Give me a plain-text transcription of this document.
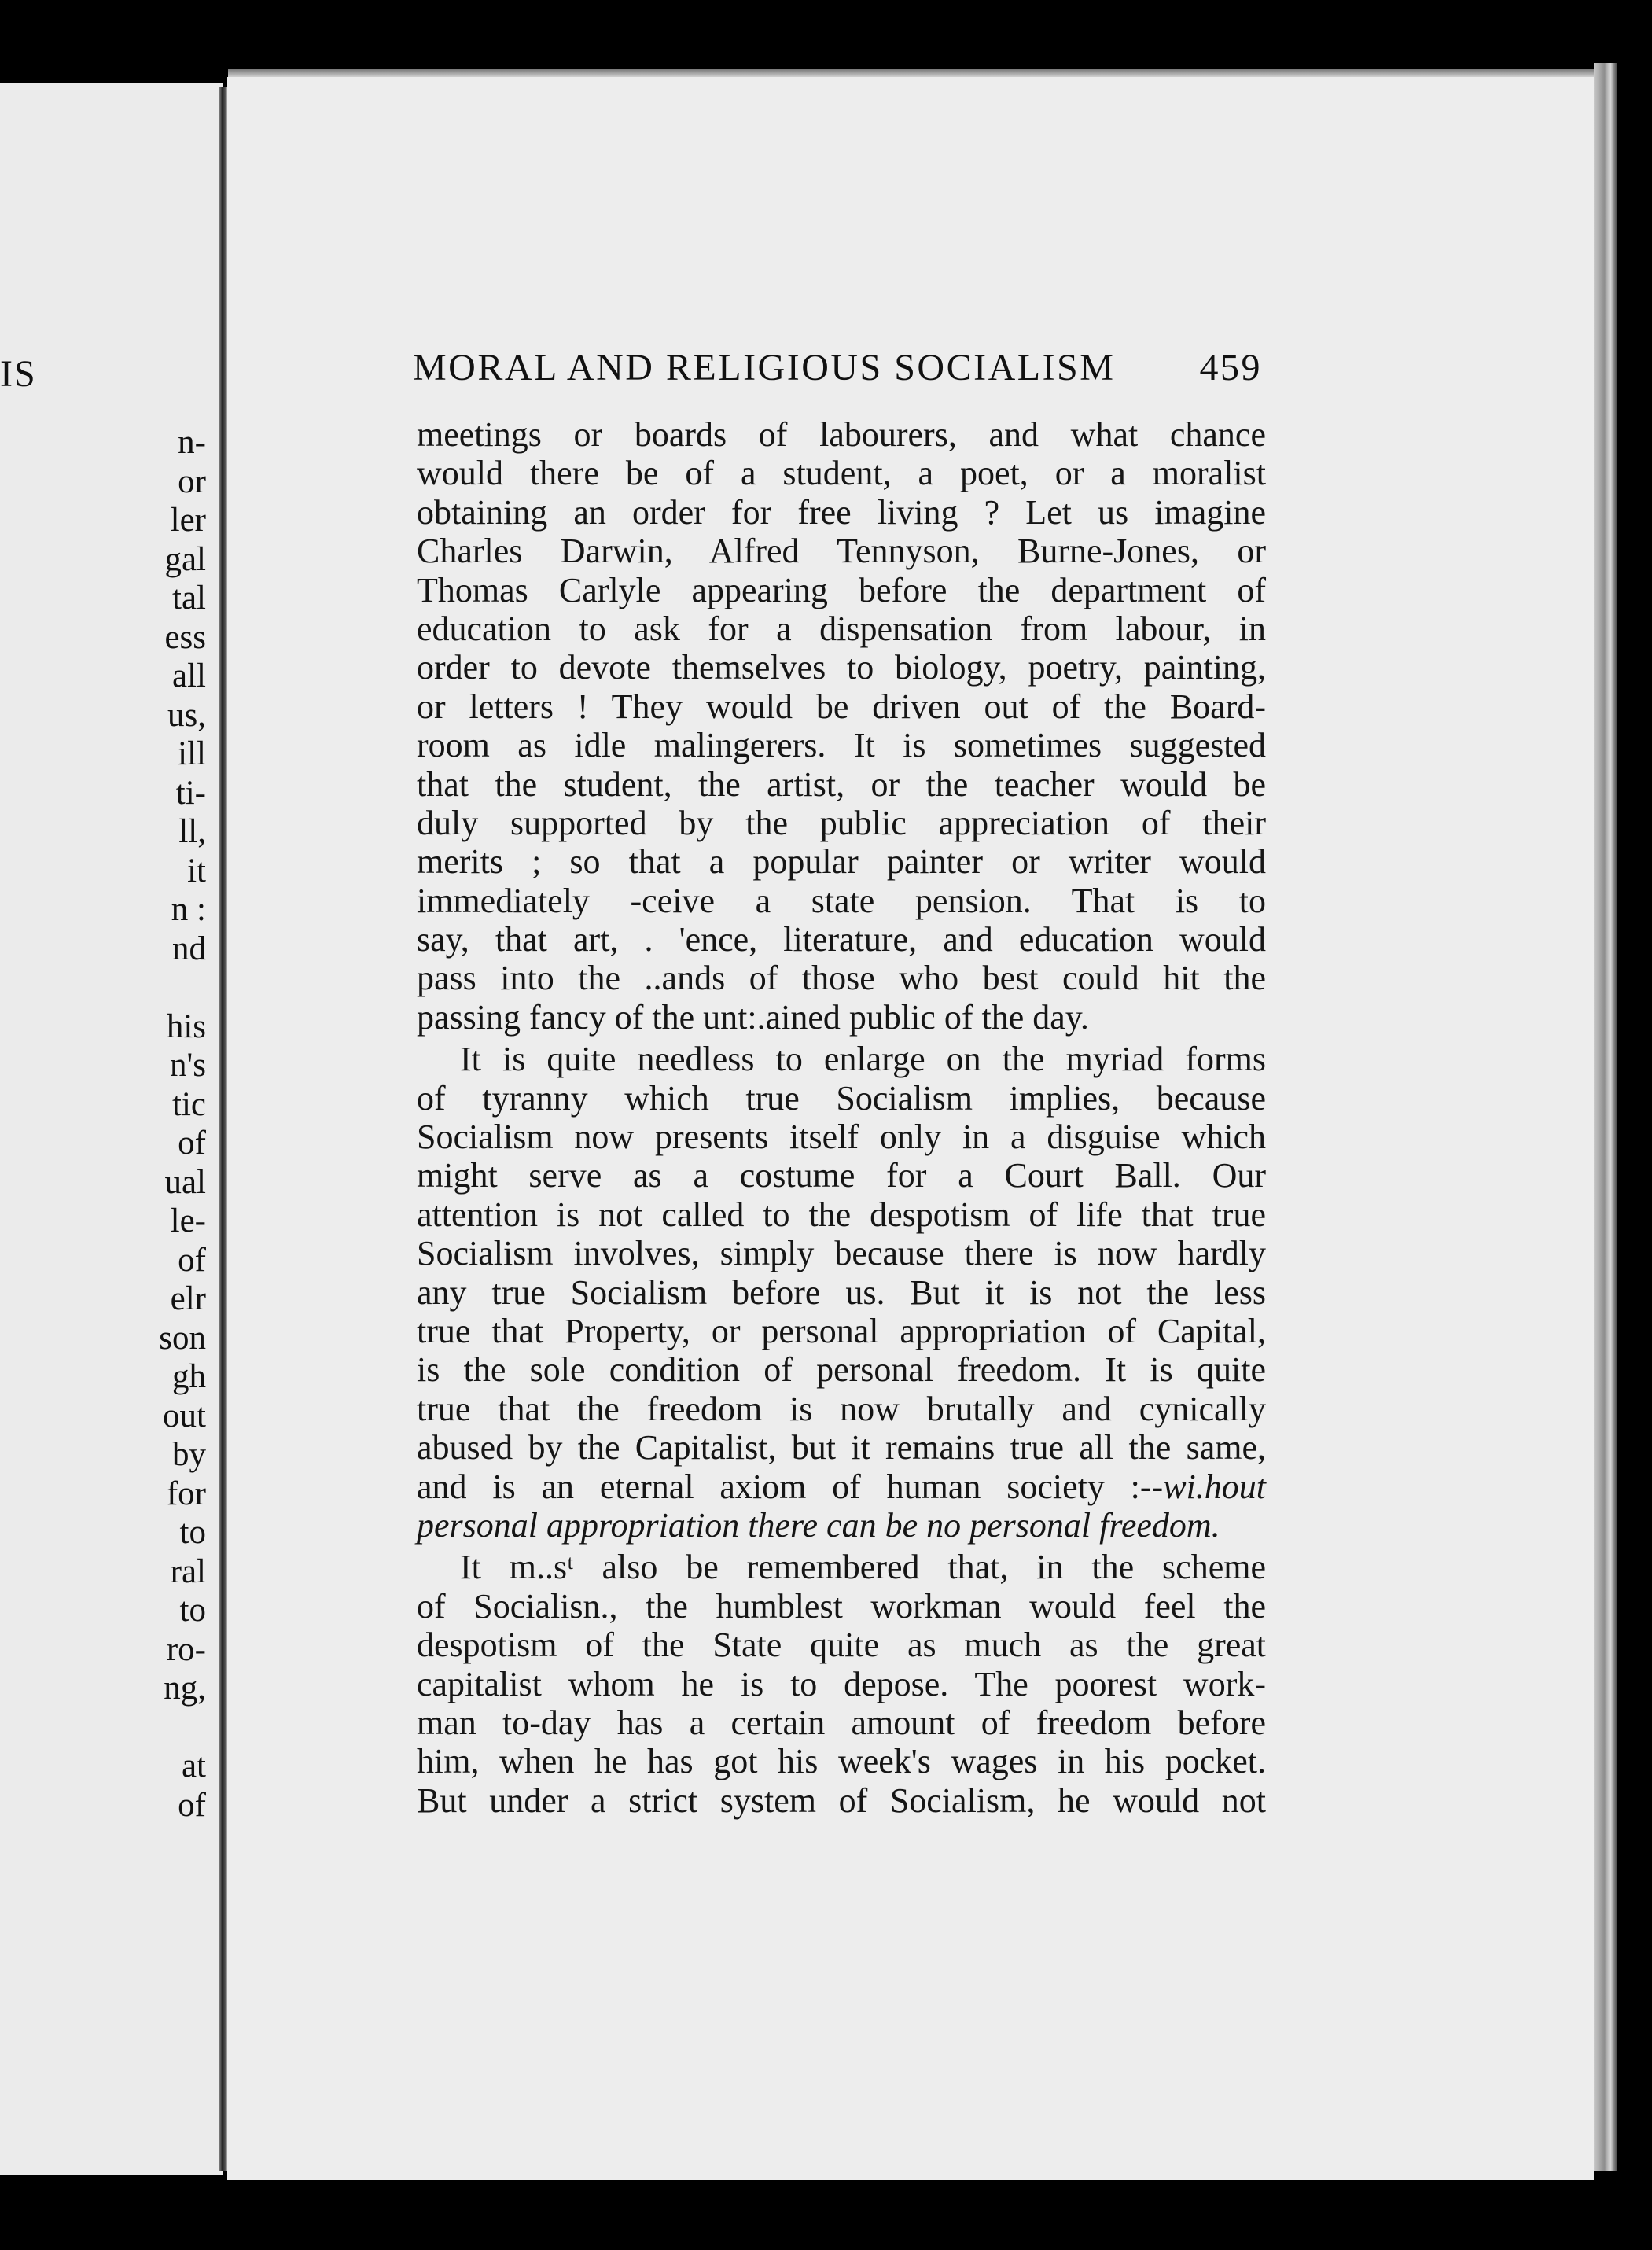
IS
n-
or
ler
gal
tal
ess
all
us,
ill
ti-
ll,
it
n :
nd
his
n's
tic
of
ual
le-
of
elr
son
gh
out
by
for
to
ral
to
ro-
ng,
at
of
MORAL AND RELIGIOUS SOCIALISM 459
meetings or boards of labourers, and what chance
would there be of a student, a poet, or a moralist
obtaining an order for free living ? Let us imagine
Charles Darwin, Alfred Tennyson, Burne-Jones, or
Thomas Carlyle appearing before the department of
education to ask for a dispensation from labour, in
order to devote themselves to biology, poetry, painting,
or letters ! They would be driven out of the Board-
room as idle malingerers. It is sometimes suggested
that the student, the artist, or the teacher would be
duly supported by the public appreciation of their
merits ; so that a popular painter or writer would
immediately -ceive a state pension. That is to
say, that art, . 'ence, literature, and education would
pass into the ..ands of those who best could hit the
passing fancy of the unt:.ained public of the day.
It is quite needless to enlarge on the myriad forms
of tyranny which true Socialism implies, because
Socialism now presents itself only in a disguise which
might serve as a costume for a Court Ball. Our
attention is not called to the despotism of life that true
Socialism involves, simply because there is now hardly
any true Socialism before us. But it is not the less
true that Property, or personal appropriation of Capital,
is the sole condition of personal freedom. It is quite
true that the freedom is now brutally and cynically
abused by the Capitalist, but it remains true all the same,
and is an eternal axiom of human society :--wi.hout
personal appropriation there can be no personal freedom.
It m..sᵗ also be remembered that, in the scheme
of Socialisn., the humblest workman would feel the
despotism of the State quite as much as the great
capitalist whom he is to depose. The poorest work-
man to-day has a certain amount of freedom before
him, when he has got his week's wages in his pocket.
But under a strict system of Socialism, he would not
